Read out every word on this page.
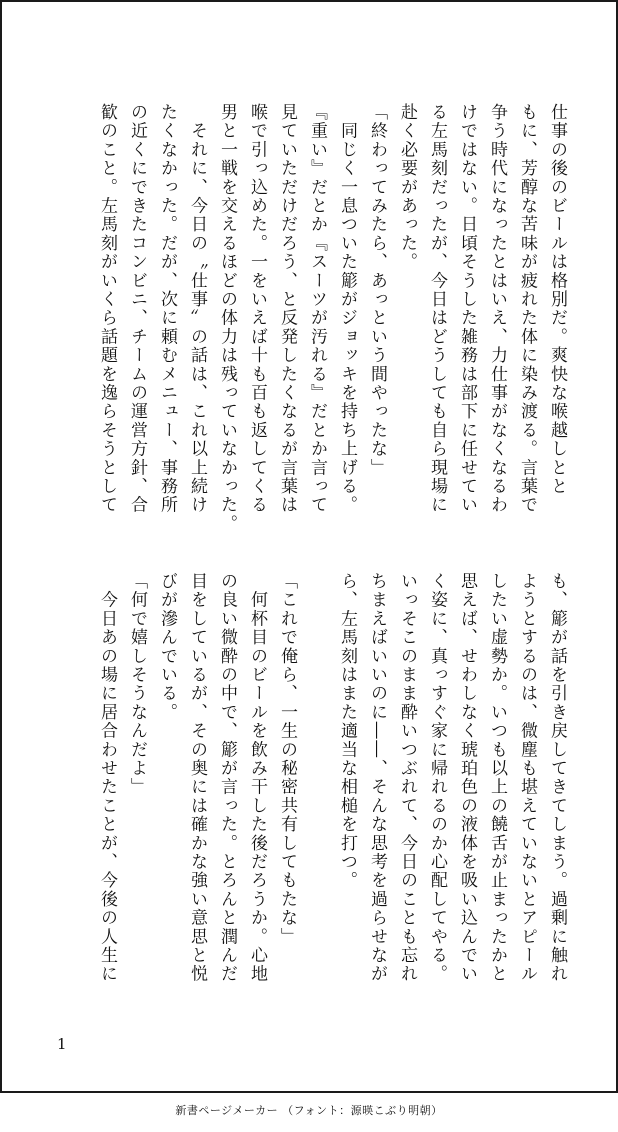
仕事の後のビールは格別だ。爽快な喉越しとと
もに、芳醇な苦味が疲れた体に染み渡る。言葉で
争う時代になったとはいえ、力仕事がなくなるわ
けではない。日頃そうした雑務は部下に任せてい
る左馬刻だったが、今日はどうしても自ら現場に
赴く必要があった。
「終わってみたら、あっという間やったな」
　同じく一息ついた簓がジョッキを持ち上げる。
『重い』だとか『スーツが汚れる』だとか言って
見ていただけだろう、と反発したくなるが言葉は
喉で引っ込めた。一をいえば十も百も返してくる
男と一戦を交えるほどの体力は残っていなかった。
　それに、今日の〝仕事〟の話は、これ以上続け
たくなかった。だが、次に頼むメニュー、事務所
の近くにできたコンビニ、チームの運営方針、合
歓のこと。左馬刻がいくら話題を逸らそうとして
も、簓が話を引き戻してきてしまう。過剰に触れ
ようとするのは、微塵も堪えていないとアピール
したい虚勢か。いつも以上の饒舌が止まったかと
思えば、せわしなく琥珀色の液体を吸い込んでい
く姿に、真っすぐ家に帰れるのか心配してやる。
いっそこのまま酔いつぶれて、今日のことも忘れ
ちまえばいいのに――、そんな思考を過らせなが
ら、左馬刻はまた適当な相槌を打つ。
「これで俺ら、一生の秘密共有してもたな」
　何杯目のビールを飲み干した後だろうか。心地
の良い微酔の中で、簓が言った。とろんと潤んだ
目をしているが、その奥には確かな強い意思と悦
びが滲んでいる。
「何で嬉しそうなんだよ」
　今日あの場に居合わせたことが、今後の人生に
1
新書ページメーカー （フォント：源暎こぶり明朝）
